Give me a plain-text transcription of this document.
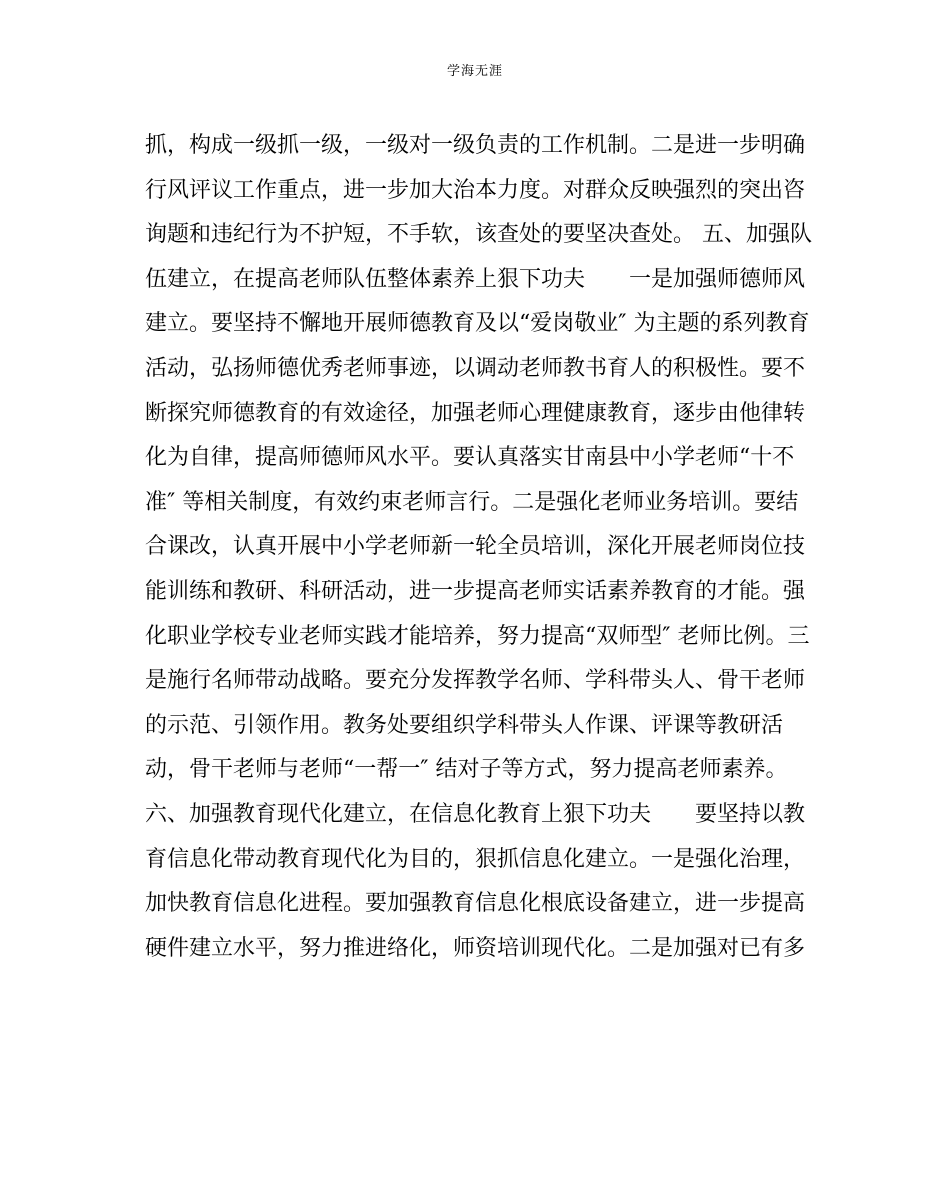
学海无涯
抓，构成一级抓一级，一级对一级负责的工作机制。二是进一步明确
行风评议工作重点，进一步加大治本力度。对群众反映强烈的突出咨
询题和违纪行为不护短，不手软，该查处的要坚决查处。 五、加强队
伍建立，在提高老师队伍整体素养上狠下功夫　　一是加强师德师风
建立。要坚持不懈地开展师德教育及以“爱岗敬业″ 为主题的系列教育
活动，弘扬师德优秀老师事迹，以调动老师教书育人的积极性。要不
断探究师德教育的有效途径，加强老师心理健康教育，逐步由他律转
化为自律，提高师德师风水平。要认真落实甘南县中小学老师“十不
准″ 等相关制度，有效约束老师言行。二是强化老师业务培训。要结
合课改，认真开展中小学老师新一轮全员培训，深化开展老师岗位技
能训练和教研、科研活动，进一步提高老师实话素养教育的才能。强
化职业学校专业老师实践才能培养，努力提高“双师型″ 老师比例。三
是施行名师带动战略。要充分发挥教学名师、学科带头人、骨干老师
的示范、引领作用。教务处要组织学科带头人作课、评课等教研活
动，骨干老师与老师“一帮一″ 结对子等方式，努力提高老师素养。
六、加强教育现代化建立，在信息化教育上狠下功夫　　要坚持以教
育信息化带动教育现代化为目的，狠抓信息化建立。一是强化治理，
加快教育信息化进程。要加强教育信息化根底设备建立，进一步提高
硬件建立水平，努力推进络化，师资培训现代化。二是加强对已有多
